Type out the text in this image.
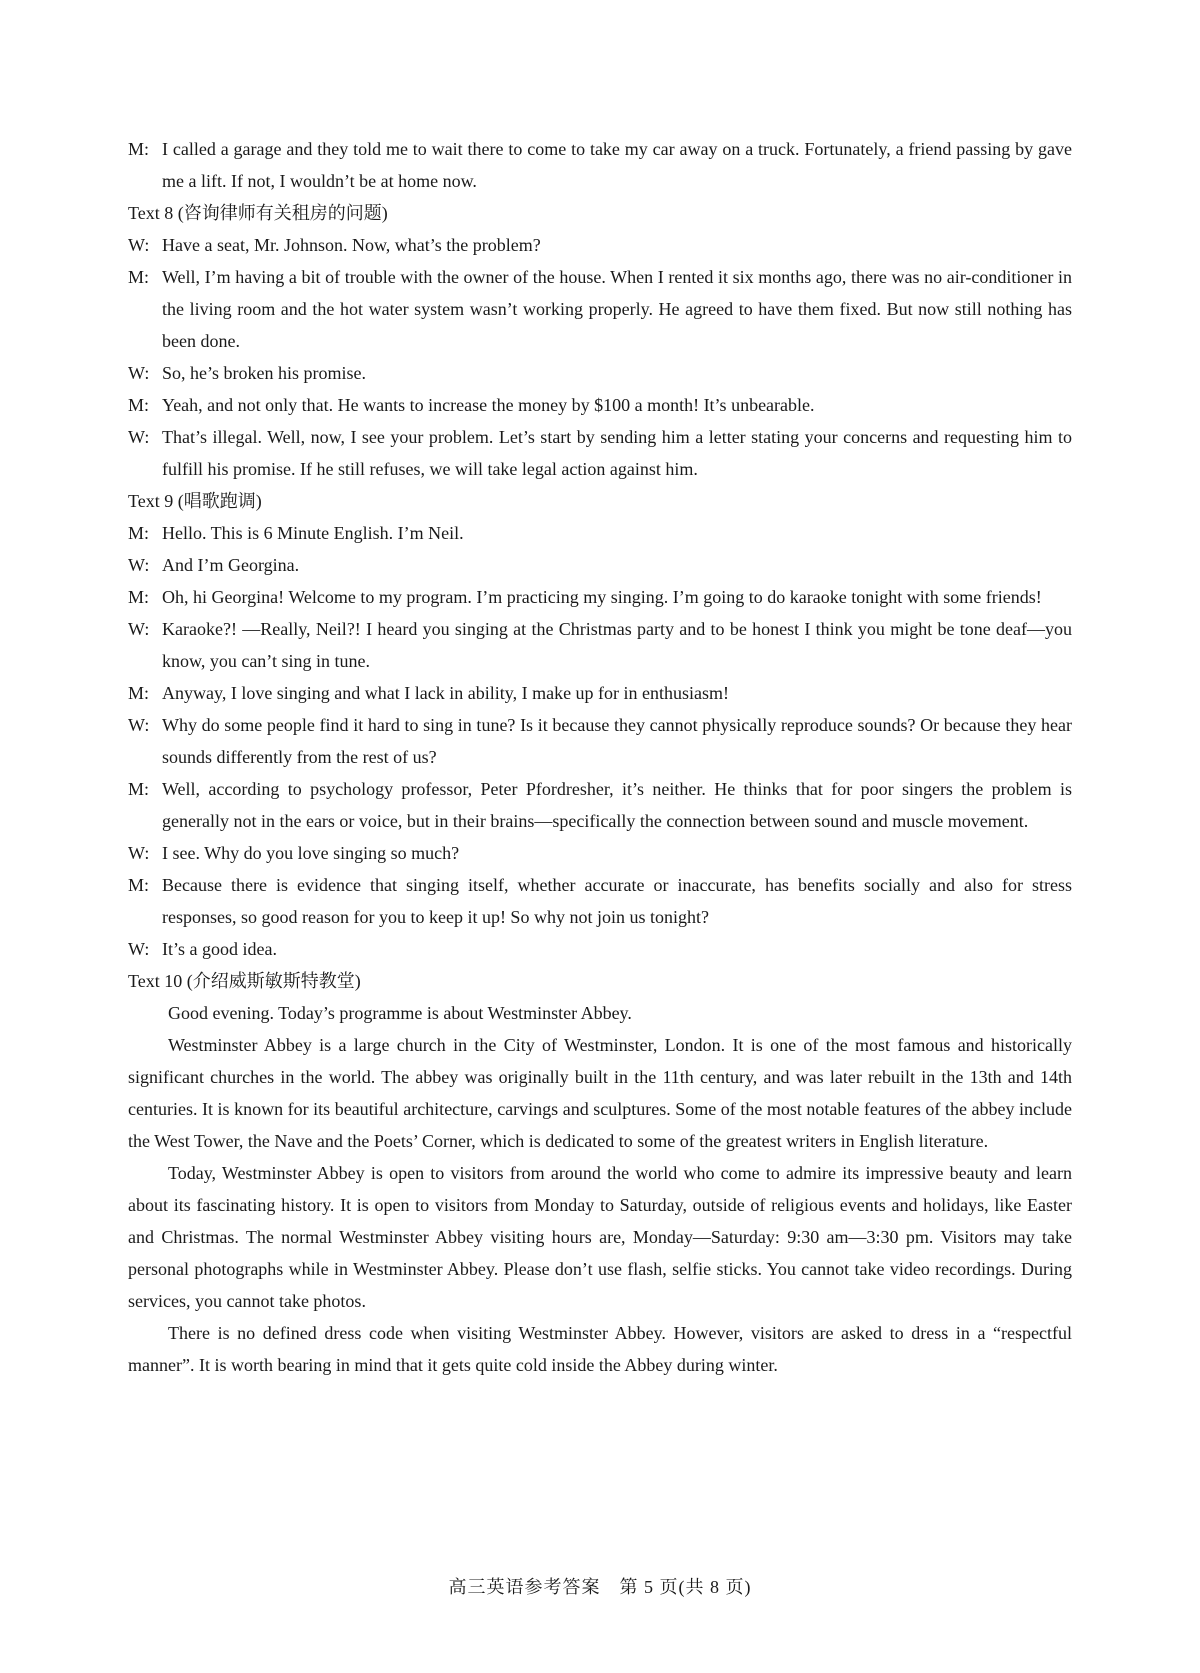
M: I called a garage and they told me to wait there to come to take my car away on a truck. Fortunately, a friend passing by gave me a lift. If not, I wouldn’t be at home now.
Text 8 (咨询律师有关租房的问题)
W: Have a seat, Mr. Johnson. Now, what’s the problem?
M: Well, I’m having a bit of trouble with the owner of the house. When I rented it six months ago, there was no air-conditioner in the living room and the hot water system wasn’t working properly. He agreed to have them fixed. But now still nothing has been done.
W: So, he’s broken his promise.
M: Yeah, and not only that. He wants to increase the money by $100 a month! It’s unbearable.
W: That’s illegal. Well, now, I see your problem. Let’s start by sending him a letter stating your concerns and requesting him to fulfill his promise. If he still refuses, we will take legal action against him.
Text 9 (唱歌跑调)
M: Hello. This is 6 Minute English. I’m Neil.
W: And I’m Georgina.
M: Oh, hi Georgina! Welcome to my program. I’m practicing my singing. I’m going to do karaoke tonight with some friends!
W: Karaoke?! —Really, Neil?! I heard you singing at the Christmas party and to be honest I think you might be tone deaf—you know, you can’t sing in tune.
M: Anyway, I love singing and what I lack in ability, I make up for in enthusiasm!
W: Why do some people find it hard to sing in tune? Is it because they cannot physically reproduce sounds? Or because they hear sounds differently from the rest of us?
M: Well, according to psychology professor, Peter Pfordresher, it’s neither. He thinks that for poor singers the problem is generally not in the ears or voice, but in their brains—specifically the connection between sound and muscle movement.
W: I see. Why do you love singing so much?
M: Because there is evidence that singing itself, whether accurate or inaccurate, has benefits socially and also for stress responses, so good reason for you to keep it up! So why not join us tonight?
W: It’s a good idea.
Text 10 (介绍威斯敏斯特教堂)
Good evening. Today’s programme is about Westminster Abbey.
Westminster Abbey is a large church in the City of Westminster, London. It is one of the most famous and historically significant churches in the world. The abbey was originally built in the 11th century, and was later rebuilt in the 13th and 14th centuries. It is known for its beautiful architecture, carvings and sculptures. Some of the most notable features of the abbey include the West Tower, the Nave and the Poets’ Corner, which is dedicated to some of the greatest writers in English literature.
Today, Westminster Abbey is open to visitors from around the world who come to admire its impressive beauty and learn about its fascinating history. It is open to visitors from Monday to Saturday, outside of religious events and holidays, like Easter and Christmas. The normal Westminster Abbey visiting hours are, Monday—Saturday: 9:30 am—3:30 pm. Visitors may take personal photographs while in Westminster Abbey. Please don’t use flash, selfie sticks. You cannot take video recordings. During services, you cannot take photos.
There is no defined dress code when visiting Westminster Abbey. However, visitors are asked to dress in a “respectful manner”. It is worth bearing in mind that it gets quite cold inside the Abbey during winter.
高三英语参考答案　第 5 页(共 8 页)
